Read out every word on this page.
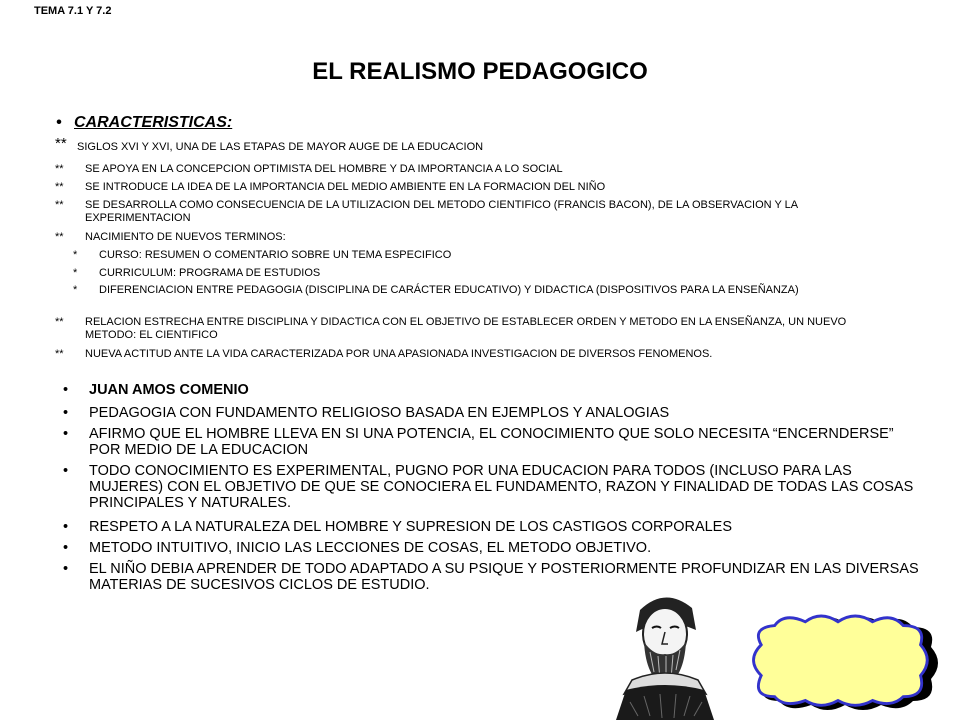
TEMA 7.1 Y 7.2
EL REALISMO PEDAGOGICO
• CARACTERISTICAS:
** SIGLOS XVI Y XVI, UNA DE LAS ETAPAS DE MAYOR AUGE DE LA EDUCACION
** SE APOYA EN LA CONCEPCION OPTIMISTA DEL HOMBRE Y DA IMPORTANCIA A LO SOCIAL
** SE INTRODUCE LA IDEA DE LA IMPORTANCIA DEL MEDIO AMBIENTE EN LA FORMACION DEL NIÑO
** SE DESARROLLA COMO CONSECUENCIA DE LA UTILIZACION DEL METODO CIENTIFICO (FRANCIS BACON), DE LA OBSERVACION Y LA EXPERIMENTACION
** NACIMIENTO DE NUEVOS TERMINOS:
* CURSO: RESUMEN O COMENTARIO SOBRE UN TEMA ESPECIFICO
* CURRICULUM: PROGRAMA DE ESTUDIOS
* DIFERENCIACION ENTRE PEDAGOGIA (DISCIPLINA DE CARÁCTER EDUCATIVO) Y DIDACTICA (DISPOSITIVOS PARA LA ENSEÑANZA)
** RELACION ESTRECHA ENTRE DISCIPLINA Y DIDACTICA CON EL OBJETIVO DE ESTABLECER ORDEN Y METODO EN LA ENSEÑANZA, UN NUEVO METODO: EL CIENTIFICO
** NUEVA ACTITUD ANTE LA VIDA CARACTERIZADA POR UNA APASIONADA INVESTIGACION DE DIVERSOS FENOMENOS.
• JUAN AMOS COMENIO
• PEDAGOGIA CON FUNDAMENTO RELIGIOSO BASADA EN EJEMPLOS Y ANALOGIAS
• AFIRMO QUE EL HOMBRE LLEVA EN SI UNA POTENCIA, EL CONOCIMIENTO QUE SOLO NECESITA “ENCERNDERSE” POR MEDIO DE LA EDUCACION
• TODO CONOCIMIENTO ES EXPERIMENTAL, PUGNO POR UNA EDUCACION PARA TODOS (INCLUSO PARA LAS MUJERES) CON EL OBJETIVO DE QUE SE CONOCIERA EL FUNDAMENTO, RAZON Y FINALIDAD DE TODAS LAS COSAS PRINCIPALES Y NATURALES.
• RESPETO A LA NATURALEZA DEL HOMBRE Y SUPRESION DE LOS CASTIGOS CORPORALES
• METODO INTUITIVO, INICIO LAS LECCIONES DE COSAS, EL METODO OBJETIVO.
• EL NIÑO DEBIA APRENDER DE TODO ADAPTADO A SU PSIQUE Y POSTERIORMENTE PROFUNDIZAR EN LAS DIVERSAS MATERIAS DE SUCESIVOS CICLOS DE ESTUDIO.
